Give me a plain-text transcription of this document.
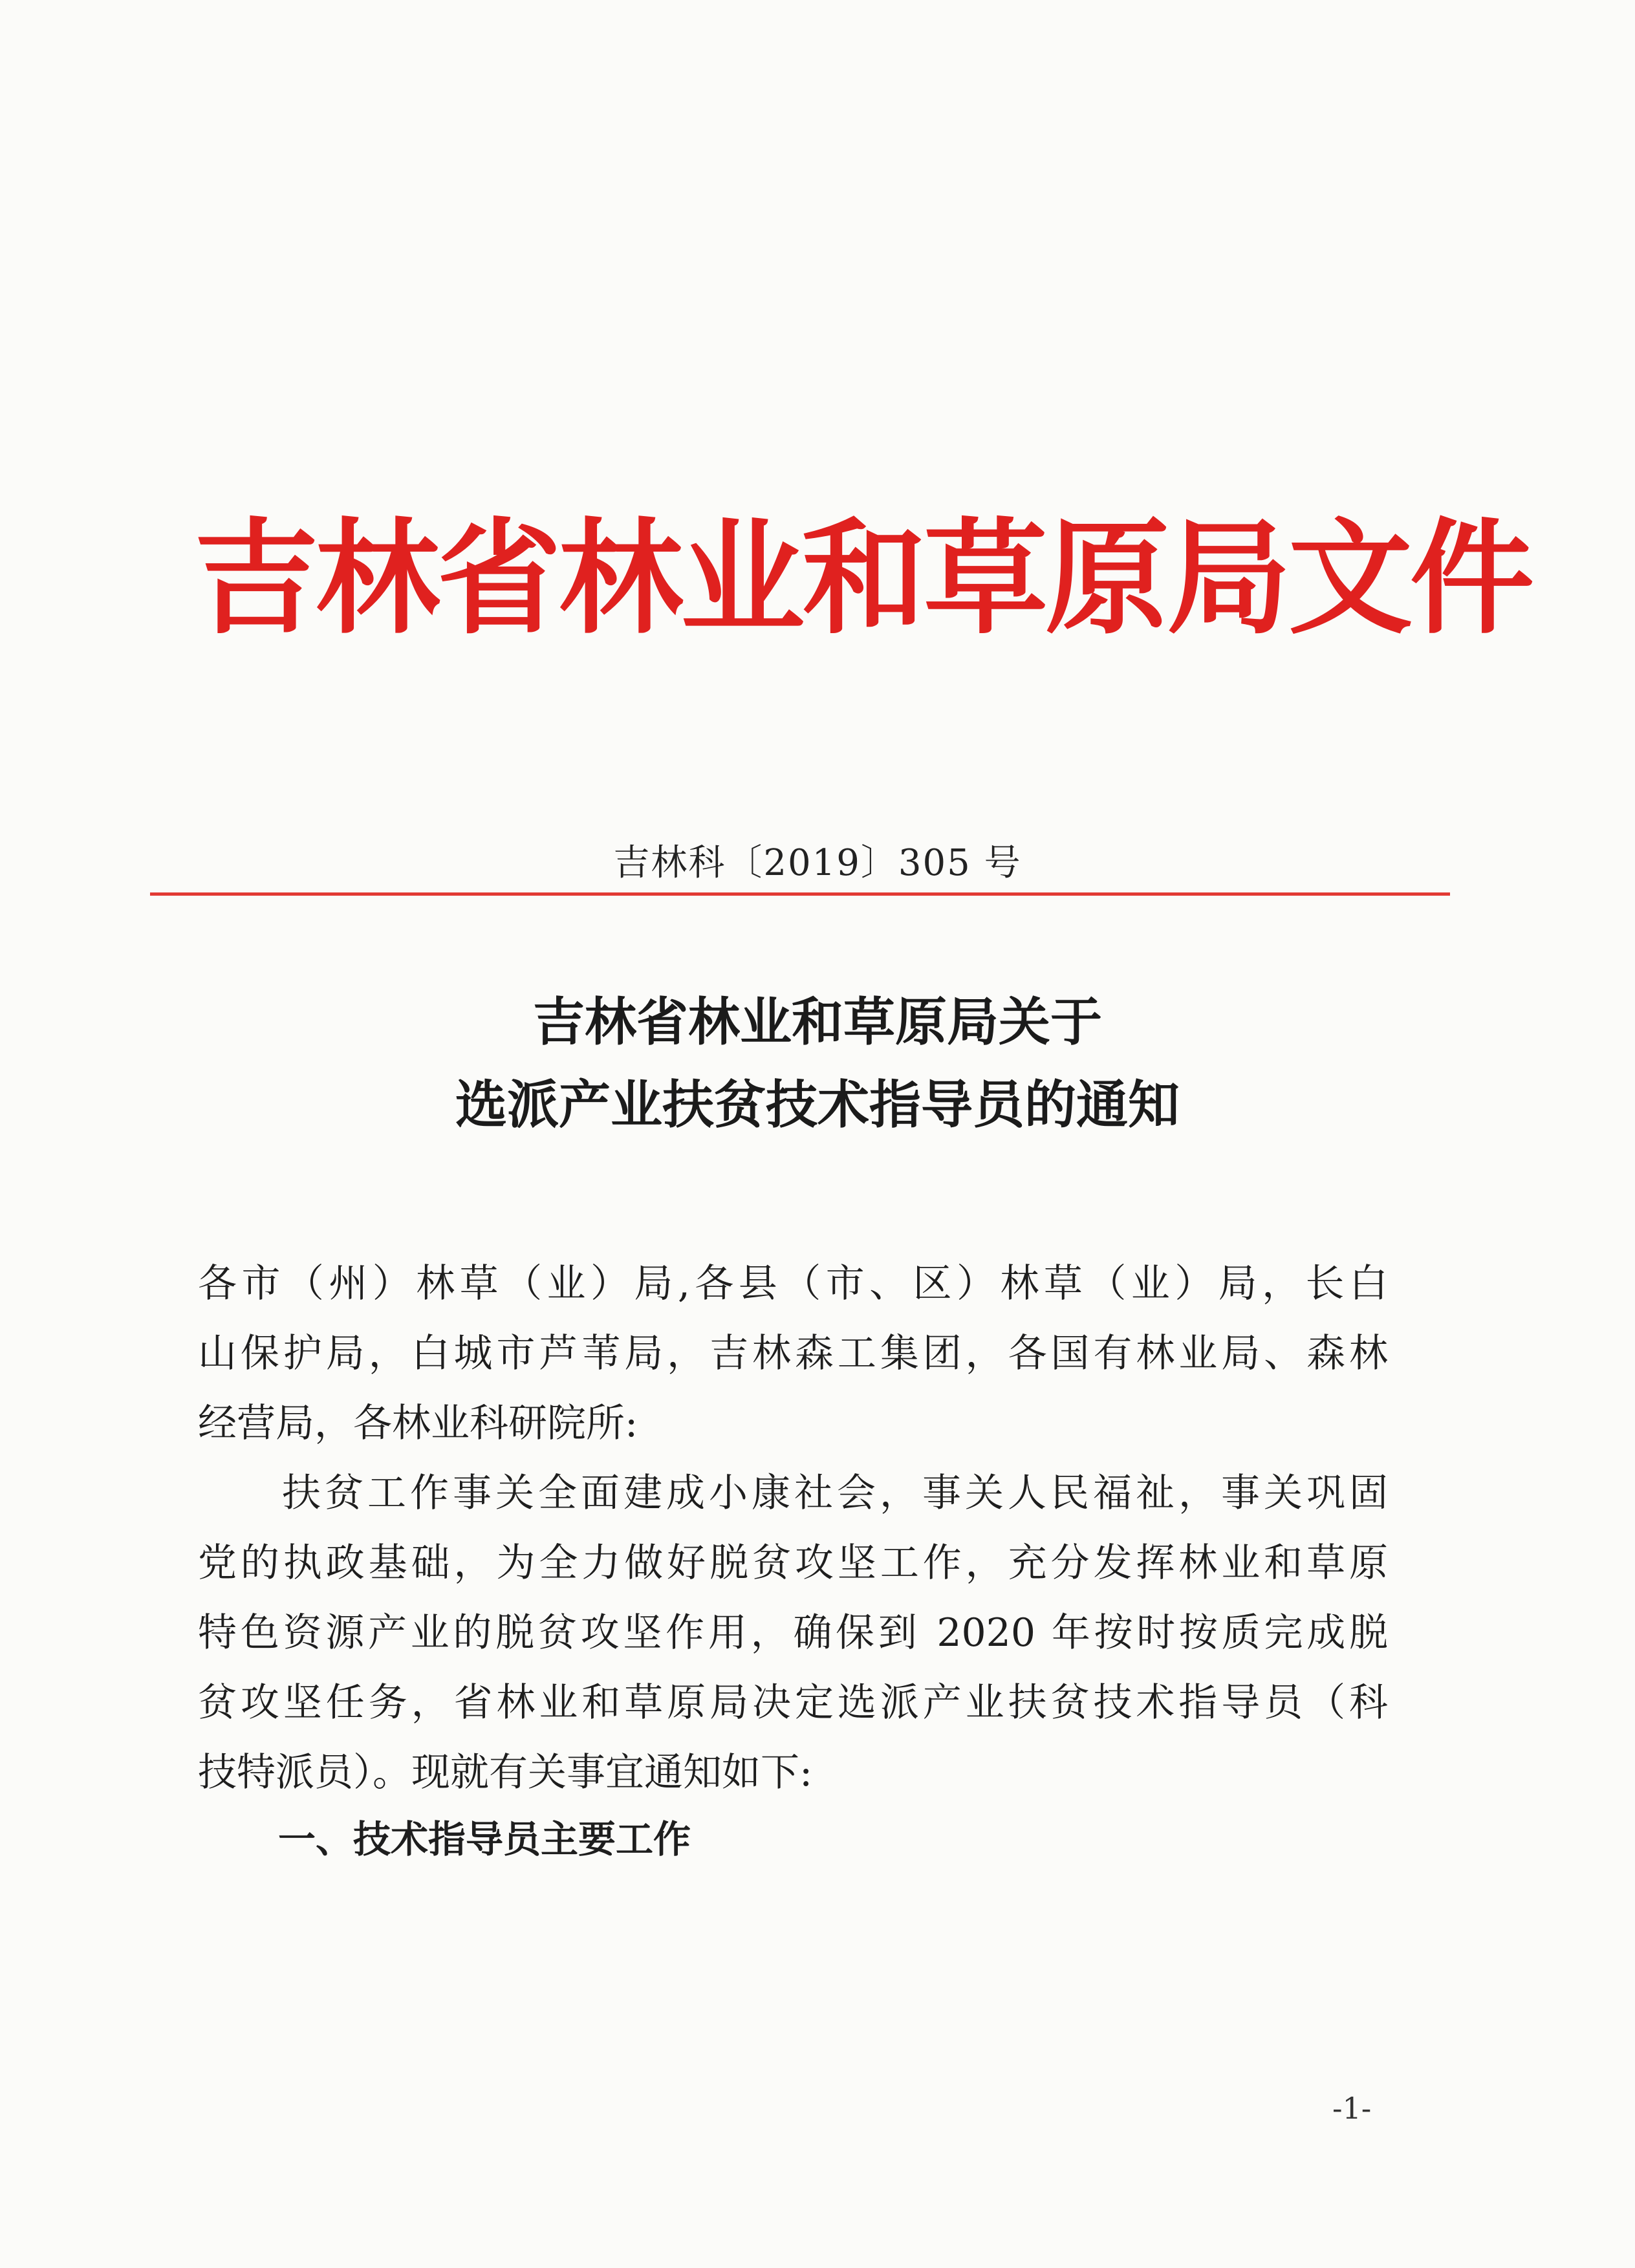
吉林省林业和草原局文件
吉林科〔2019〕305 号
吉林省林业和草原局关于
选派产业扶贫技术指导员的通知
各市（州）林草（业）局,各县（市、区）林草（业）局，长白
山保护局，白城市芦苇局，吉林森工集团，各国有林业局、森林
经营局，各林业科研院所:
扶贫工作事关全面建成小康社会，事关人民福祉，事关巩固
党的执政基础，为全力做好脱贫攻坚工作，充分发挥林业和草原
特色资源产业的脱贫攻坚作用，确保到 2020 年按时按质完成脱
贫攻坚任务，省林业和草原局决定选派产业扶贫技术指导员（科
技特派员）。现就有关事宜通知如下:
一、技术指导员主要工作
-1-
